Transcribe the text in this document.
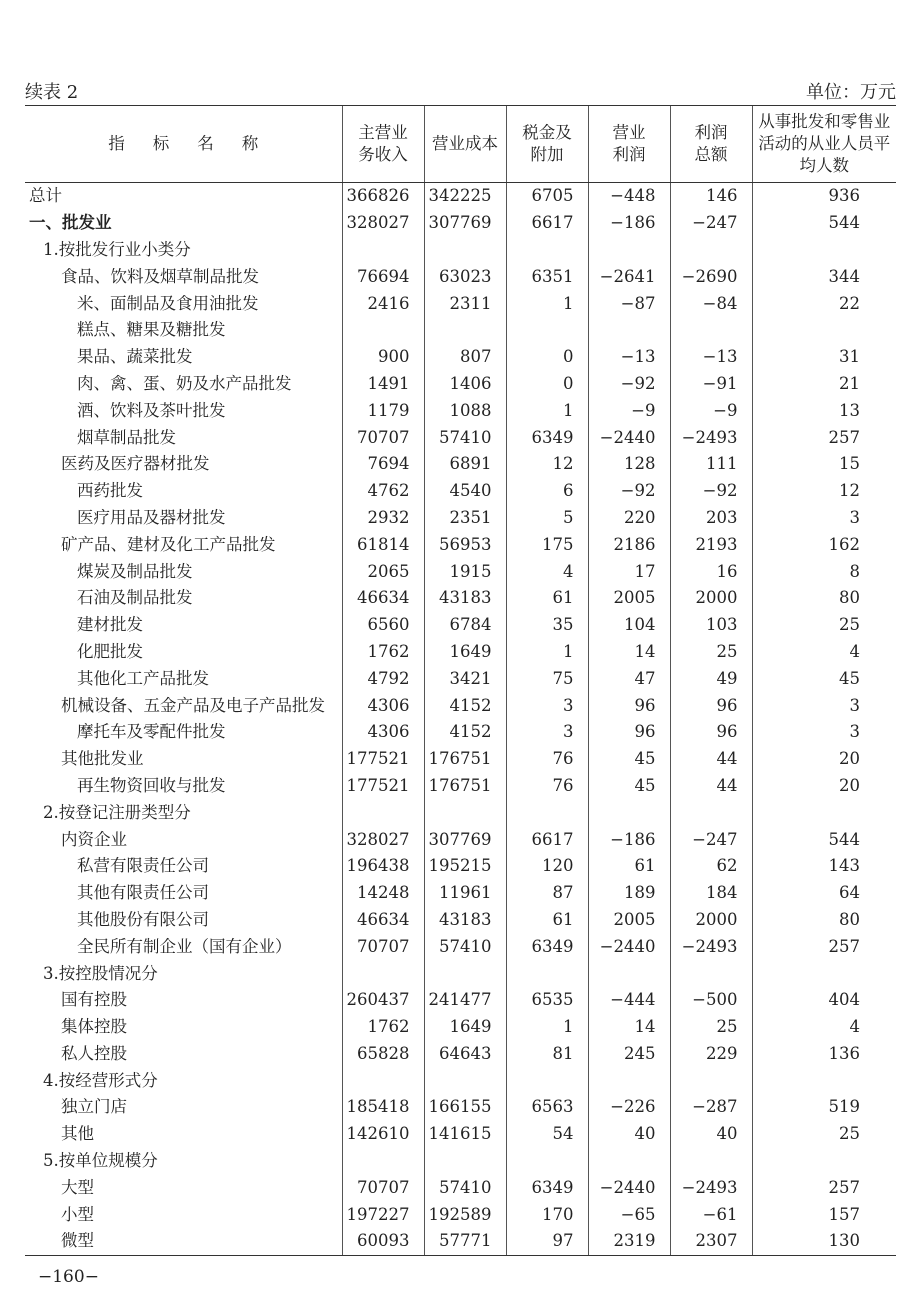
续表 2	单位：万元
指标名称	主营业务收入	营业成本	税金及附加	营业利润	利润总额	从事批发和零售业活动的从业人员平均人数

总计	366826	342225	6705	−448	146	936
一、批发业	328027	307769	6617	−186	−247	544
1.按批发行业小类分						
食品、饮料及烟草制品批发	76694	63023	6351	−2641	−2690	344
米、面制品及食用油批发	2416	2311	1	−87	−84	22
糕点、糖果及糖批发						
果品、蔬菜批发	900	807	0	−13	−13	31
肉、禽、蛋、奶及水产品批发	1491	1406	0	−92	−91	21
酒、饮料及茶叶批发	1179	1088	1	−9	−9	13
烟草制品批发	70707	57410	6349	−2440	−2493	257
医药及医疗器材批发	7694	6891	12	128	111	15
西药批发	4762	4540	6	−92	−92	12
医疗用品及器材批发	2932	2351	5	220	203	3
矿产品、建材及化工产品批发	61814	56953	175	2186	2193	162
煤炭及制品批发	2065	1915	4	17	16	8
石油及制品批发	46634	43183	61	2005	2000	80
建材批发	6560	6784	35	104	103	25
化肥批发	1762	1649	1	14	25	4
其他化工产品批发	4792	3421	75	47	49	45
机械设备、五金产品及电子产品批发	4306	4152	3	96	96	3
摩托车及零配件批发	4306	4152	3	96	96	3
其他批发业	177521	176751	76	45	44	20
再生物资回收与批发	177521	176751	76	45	44	20
2.按登记注册类型分						
内资企业	328027	307769	6617	−186	−247	544
私营有限责任公司	196438	195215	120	61	62	143
其他有限责任公司	14248	11961	87	189	184	64
其他股份有限公司	46634	43183	61	2005	2000	80
全民所有制企业（国有企业）	70707	57410	6349	−2440	−2493	257
3.按控股情况分						
国有控股	260437	241477	6535	−444	−500	404
集体控股	1762	1649	1	14	25	4
私人控股	65828	64643	81	245	229	136
4.按经营形式分						
独立门店	185418	166155	6563	−226	−287	519
其他	142610	141615	54	40	40	25
5.按单位规模分						
大型	70707	57410	6349	−2440	−2493	257
小型	197227	192589	170	−65	−61	157
微型	60093	57771	97	2319	2307	130
−160−
